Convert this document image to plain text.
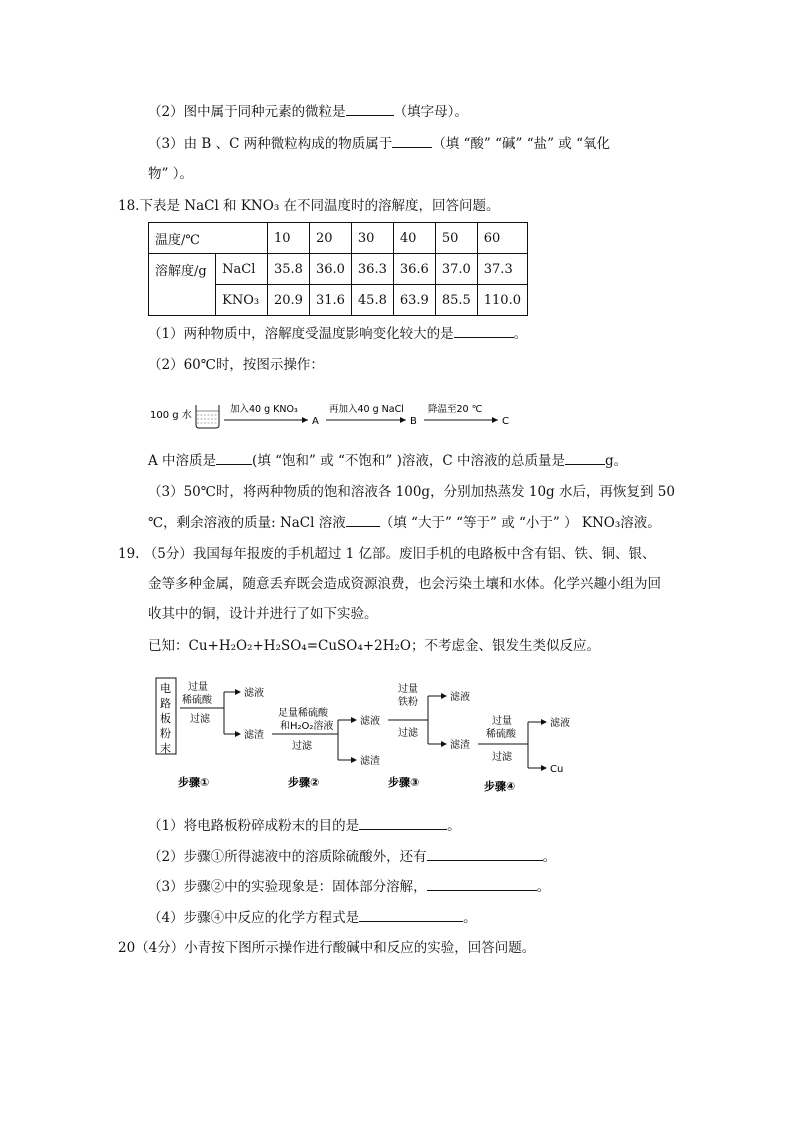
（2）图中属于同种元素的微粒是	（填字母）。
（3）由 B 、C 两种微粒构成的物质属于	（填 “酸” “碱” “盐” 或 “氧化
物” ）。
18.下表是 NaCl 和 KNO₃ 在不同温度时的溶解度，回答问题。
温度/℃		10	20	30	40	50	60
溶解度/g	NaCl	35.8	36.0	36.3	36.6	37.0	37.3
	KNO₃	20.9	31.6	45.8	63.9	85.5	110.0
（1）两种物质中，溶解度受温度影响变化较大的是	。
（2）60℃时，按图示操作：
100 g 水
加入40 g KNO₃
A
再加入40 g NaCl
B
降温至20 ℃
C
A 中溶质是	(填 “饱和” 或 “不饱和” )溶液，C 中溶液的总质量是	g。
（3）50℃时，将两种物质的饱和溶液各 100g，分别加热蒸发 10g 水后，再恢复到 50
℃，剩余溶液的质量: NaCl 溶液	（填 “大于” “等于” 或 “小于” ） KNO₃溶液。
19. （5分）我国每年报废的手机超过 1 亿部。废旧手机的电路板中含有铝、铁、铜、银、
金等多种金属，随意丢弃既会造成资源浪费，也会污染土壤和水体。化学兴趣小组为回
收其中的铜，设计并进行了如下实验。
已知：Cu+H₂O₂+H₂SO₄=CuSO₄+2H₂O；不考虑金、银发生类似反应。
电
路
板
粉
末
过量
稀硫酸
过滤
滤液
滤渣
足量稀硫酸
和H₂O₂溶液
过滤
滤液
滤渣
过量
铁粉
过滤
滤液
滤渣
过量
稀硫酸
过滤
滤液
Cu
步骤①	步骤②	步骤③	步骤④
（1）将电路板粉碎成粉末的目的是	。
（2）步骤①所得滤液中的溶质除硫酸外，还有	。
（3）步骤②中的实验现象是：固体部分溶解，	。
（4）步骤④中反应的化学方程式是	。
20（4分）小青按下图所示操作进行酸碱中和反应的实验，回答问题。
